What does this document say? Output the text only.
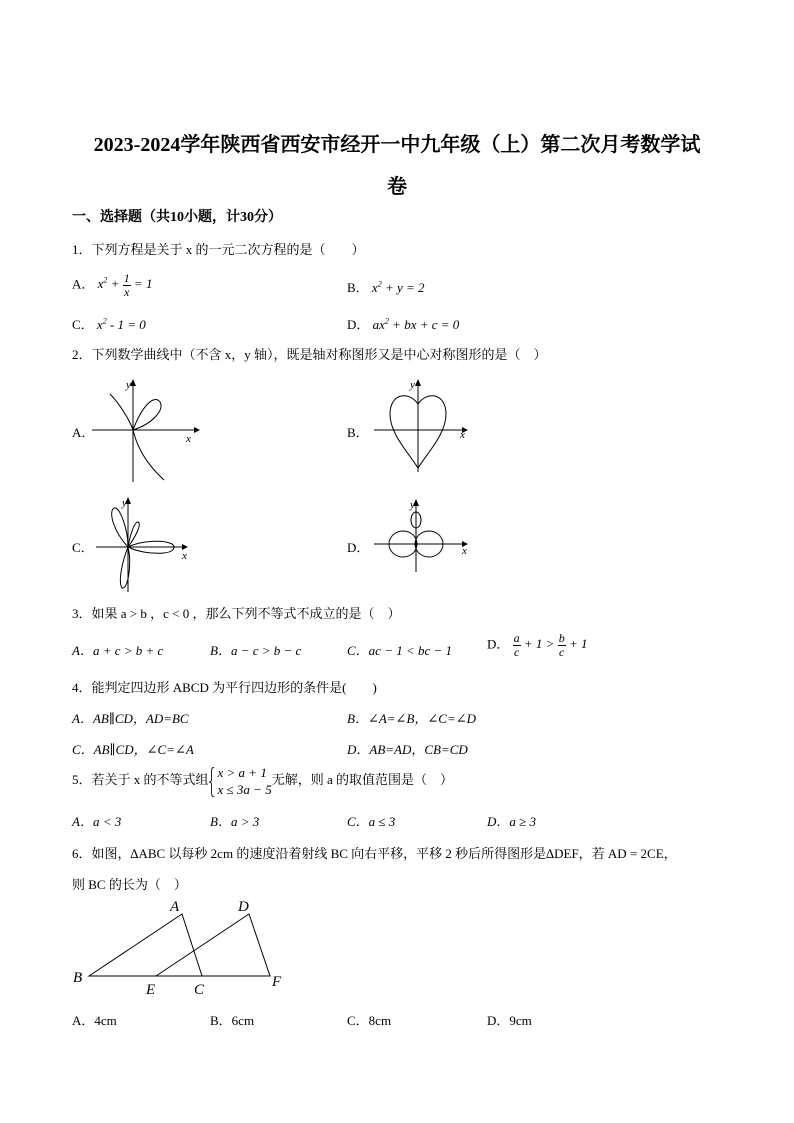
2023-2024学年陕西省西安市经开一中九年级（上）第二次月考数学试
卷
一、选择题（共10小题，计30分）
1．下列方程是关于 x 的一元二次方程的是（　　）
A． $x^2 + \frac{1}{x} = 1$	B． $x^2 + y = 2$
C． $x^2 - 1 = 0$	D． $ax^2$ + bx + c = 0
2．下列数学曲线中（不含 x，y 轴），既是轴对称图形又是中心对称图形的是（　）
A．
y
x	B．
y
x
C．
y
x
D．
y
x
3．如果 a > b ，c < 0 ，那么下列不等式不成立的是（　）
A．a + c > b + c	B．a − c > b − c	C．ac − 1 < bc − 1	D． $\frac{a}{c} + 1 > \frac{b}{c} + 1$
4．能判定四边形 ABCD 为平行四边形的条件是(　　)
A．AB∥CD，AD=BC	B．∠A=∠B，∠C=∠D
C．AB∥CD，∠C=∠A	D．AB=AD，CB=CD
5．若关于 x 的不等式组 x > a + 1
x ≤ 3a − 5
无解，则 a 的取值范围是（　）
A．a < 3	B．a > 3	C．a ≤ 3	D．a ≥ 3
6．如图，∆ABC 以每秒 2cm 的速度沿着射线 BC 向右平移，平移 2 秒后所得图形是∆DEF，若 AD = 2CE，
则 BC 的长为（　）
A	D
B
E	C	F
A．4cm	B．6cm	C．8cm	D．9cm
